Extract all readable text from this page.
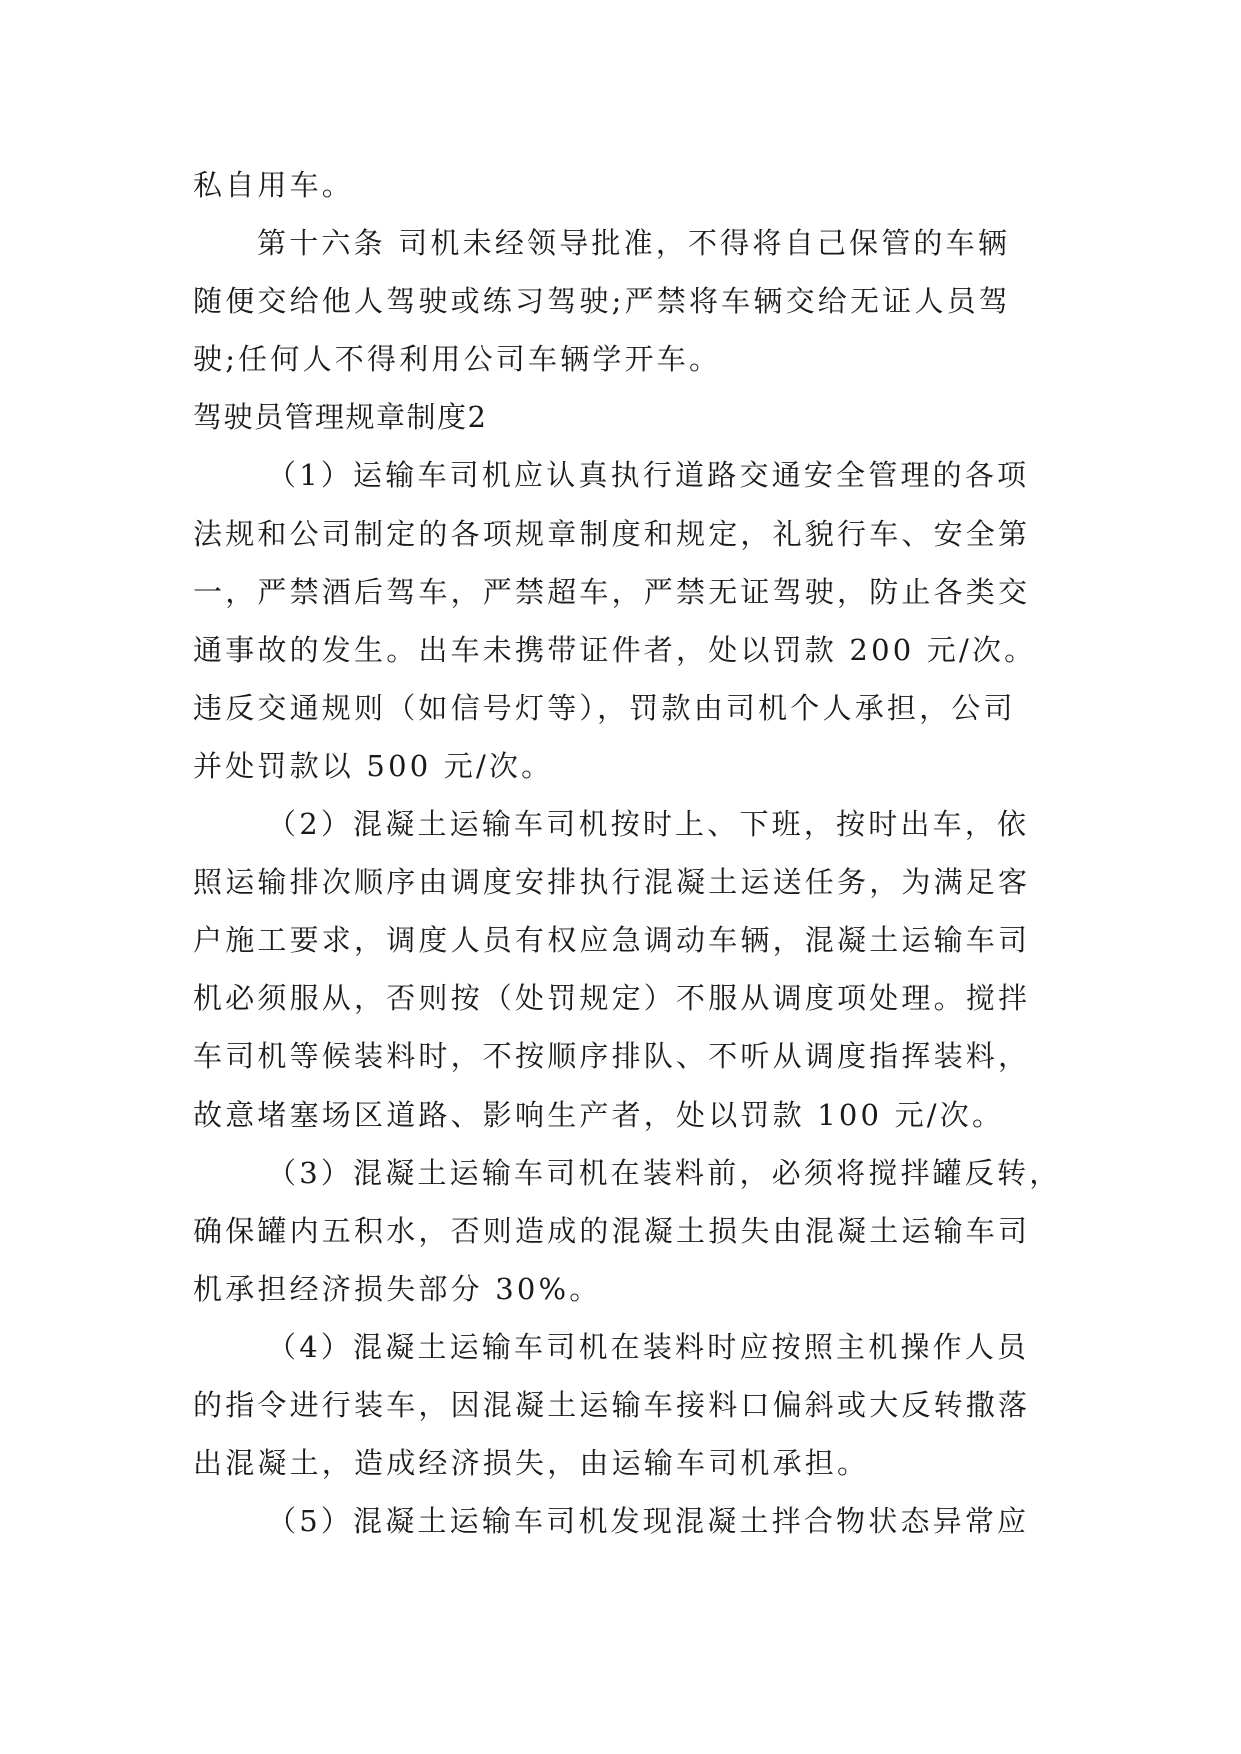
私自用车。
第十六条 司机未经领导批准，不得将自己保管的车辆
随便交给他人驾驶或练习驾驶;严禁将车辆交给无证人员驾
驶;任何人不得利用公司车辆学开车。
驾驶员管理规章制度2
（1）运输车司机应认真执行道路交通安全管理的各项
法规和公司制定的各项规章制度和规定，礼貌行车、安全第
一，严禁酒后驾车，严禁超车，严禁无证驾驶，防止各类交
通事故的发生。出车未携带证件者，处以罚款 200 元/次。
违反交通规则（如信号灯等），罚款由司机个人承担，公司
并处罚款以 500 元/次。
（2）混凝土运输车司机按时上、下班，按时出车，依
照运输排次顺序由调度安排执行混凝土运送任务，为满足客
户施工要求，调度人员有权应急调动车辆，混凝土运输车司
机必须服从，否则按（处罚规定）不服从调度项处理。搅拌
车司机等候装料时，不按顺序排队、不听从调度指挥装料，
故意堵塞场区道路、影响生产者，处以罚款 100 元/次。
（3）混凝土运输车司机在装料前，必须将搅拌罐反转，
确保罐内五积水，否则造成的混凝土损失由混凝土运输车司
机承担经济损失部分 30%。
（4）混凝土运输车司机在装料时应按照主机操作人员
的指令进行装车，因混凝土运输车接料口偏斜或大反转撒落
出混凝土，造成经济损失，由运输车司机承担。
（5）混凝土运输车司机发现混凝土拌合物状态异常应
